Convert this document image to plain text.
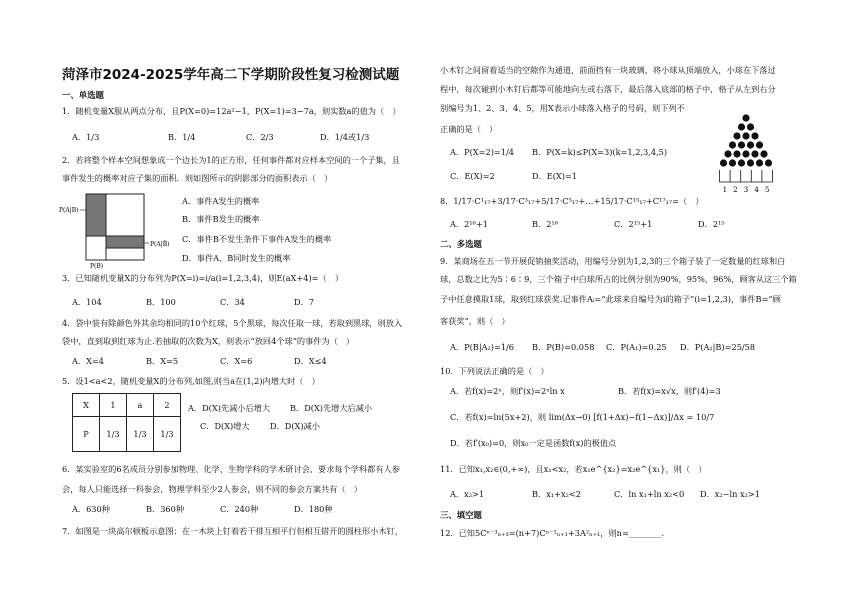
菏泽市2024-2025学年高二下学期阶段性复习检测试题
一、单选题
1．随机变量X服从两点分布，且P(X=0)=12a²−1，P(X=1)=3−7a，则实数a的值为（　）
A．1/3	B．1/4	C．2/3	D．1/4或1/3
2．若将整个样本空间想象成一个边长为1的正方形，任何事件都对应样本空间的一个子集，且
事件发生的概率对应子集的面积．则如图所示的阴影部分的面积表示（　）
P(A|B)
P(A|B̄)
P(B)
A．事件A发生的概率
B．事件B发生的概率
C．事件B不发生条件下事件A发生的概率
D．事件A、B同时发生的概率
3．已知随机变量X的分布列为P(X=i)=i/a(i=1,2,3,4)，则E(aX+4)=（　）
A．104	B．100	C．34	D．7
4．袋中装有除颜色外其余均相同的10个红球，5个黑球，每次任取一球，若取到黑球，则放入
袋中，直到取到红球为止.若抽取的次数为X，则表示“放回4个球”的事件为（　）
A．X=4	B．X=5	C．X=6	D．X≤4
5．设1<a<2，随机变量X的分布列,如图,则当a在(1,2)内增大时（　）
X	1	a	2
P	1/3	1/3	1/3
A．D(X)先减小后增大 B．D(X)先增大后减小
C．D(X)增大 D．D(X)减小
6．某实验室的6名成员分别参加物理、化学、生物学科的学术研讨会，要求每个学科都有人参
会，每人只能选择一科参会，物理学科至少2人参会，则不同的参会方案共有（　）
A．630种	B．360种	C．240种	D．180种
7．如图是一块高尔顿板示意图：在一木块上钉着若干排互相平行但相互错开的圆柱形小木钉，
小木钉之间留着适当的空隙作为通道，前面挡有一块玻璃，将小球从顶端放入，小球在下落过
程中，每次碰到小木钉后都等可能地向左或右落下，最后落入底部的格子中，格子从左到右分
别编号为1、2、3、4、5，用X表示小球落入格子的号码，则下列不
正确的是（　）
A．P(X=2)=1/4 B．P(X=k)≤P(X=3)(k=1,2,3,4,5)
C．E(X)=2	D．E(X)=1
1 2 3 4 5
8．1/17·C¹₁₇+3/17·C³₁₇+5/17·C⁵₁₇+…+15/17·C¹⁵₁₇+C¹⁷₁₇=（　）
A．2¹⁶+1	B．2¹⁶	C．2¹⁵+1	D．2¹⁵
二、多选题
9．某商场在五一节开展促销抽奖活动，用编号分别为1,2,3的三个箱子装了一定数量的红球和白
球，总数之比为5∶6∶9，三个箱子中白球所占的比例分别为90%，95%，96%，顾客从这三个箱
子中任意摸取1球，取到红球获奖.记事件Aᵢ=“此球来自编号为i的箱子”(i=1,2,3)，事件B=“顾
客获奖”，则（　）
A．P(B|A₂)=1/6 B．P(B)=0.058 C．P(A₁)=0.25 D．P(A₁|B)=25/58
10．下列说法正确的是（　）
A．若f(x)=2ˣ，则f′(x)=2ˣln x	B．若f(x)=x√x，则f′(4)=3
C．若f(x)=ln(5x+2)，则 lim(Δx→0) [f(1+Δx)−f(1−Δx)]/Δx = 10/7
D．若f′(x₀)=0，则x₀一定是函数f(x)的极值点
11．已知x₁,x₂∈(0,+∞)，且x₁<x₂，若x₁e^{x₂}=x₂e^{x₁}，则（　）
A．x₂>1	B．x₁+x₂<2	C．ln x₁+ln x₂<0 D．x₂−ln x₂>1
三、填空题
12．已知5Cⁿ⁻³ₙ₊₃=(n+7)Cⁿ⁻¹ₙ₊₁+3A²ₙ₊₁，则n=________.
